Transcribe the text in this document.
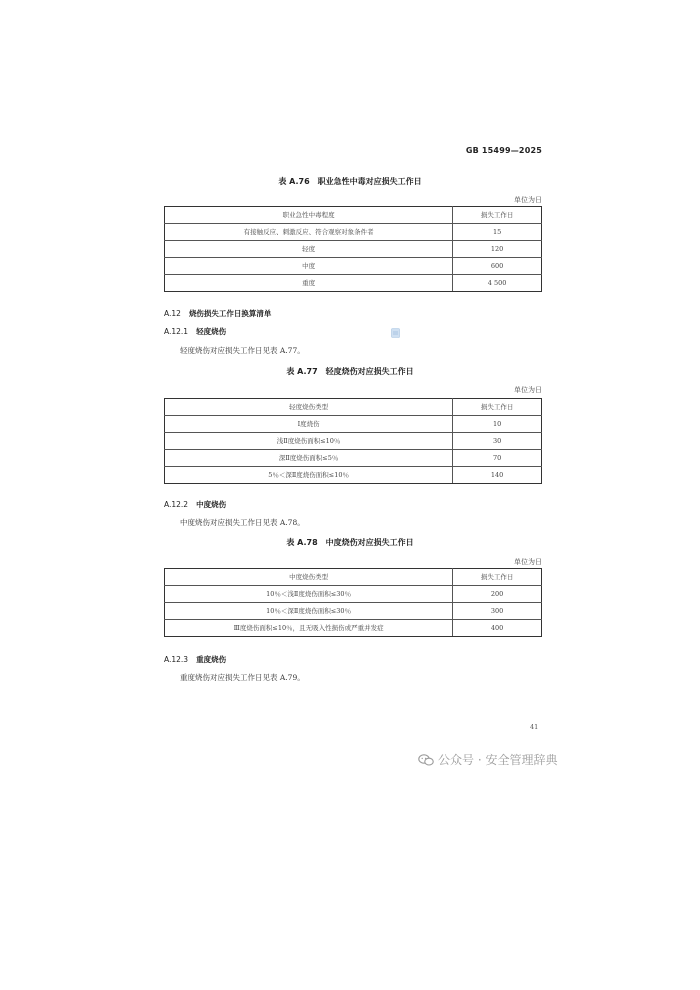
GB 15499—2025
表 A.76　职业急性中毒对应损失工作日
单位为日
职业急性中毒程度	损失工作日
有接触反应、刺激反应、符合观察对象条件者	15
轻度	120
中度	600
重度	4 500
A.12 烧伤损失工作日换算清单
A.12.1 轻度烧伤
轻度烧伤对应损失工作日见表 A.77。
表 A.77　轻度烧伤对应损失工作日
单位为日
轻度烧伤类型	损失工作日
Ⅰ度烧伤	10
浅Ⅱ度烧伤面积≤10％	30
深Ⅱ度烧伤面积≤5％	70
5％＜深Ⅱ度烧伤面积≤10％	140
A.12.2 中度烧伤
中度烧伤对应损失工作日见表 A.78。
表 A.78　中度烧伤对应损失工作日
单位为日
中度烧伤类型	损失工作日
10％＜浅Ⅱ度烧伤面积≤30％	200
10％＜深Ⅱ度烧伤面积≤30％	300
Ⅲ度烧伤面积≤10％，且无吸入性损伤或严重并发症	400
A.12.3 重度烧伤
重度烧伤对应损失工作日见表 A.79。
41
公众号 · 安全管理辞典
